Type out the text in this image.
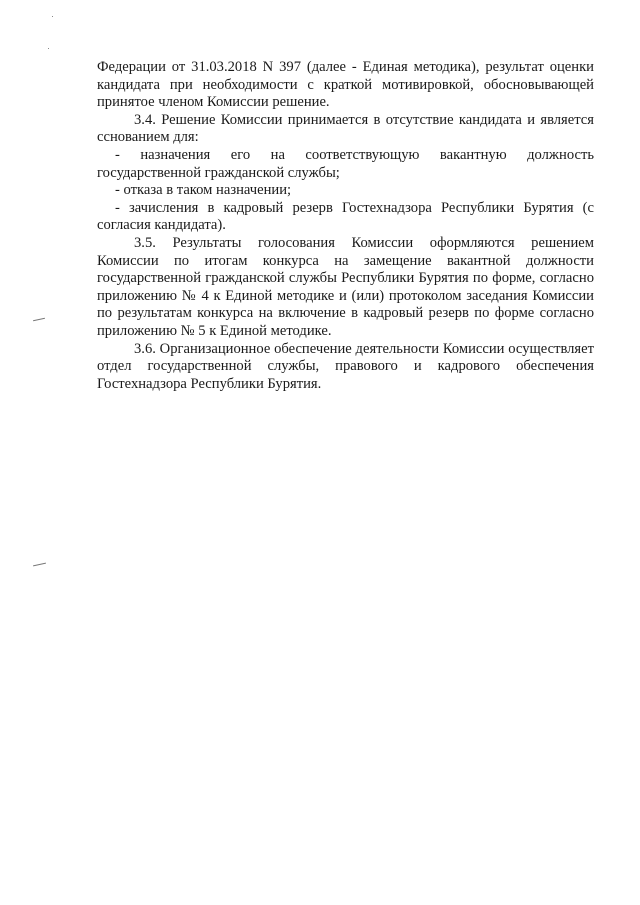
Федерации от 31.03.2018 N 397 (далее - Единая методика), результат оценки кандидата при необходимости с краткой мотивировкой, обосновывающей принятое членом Комиссии решение.

3.4. Решение Комиссии принимается в отсутствие кандидата и является сснованием для:

- назначения его на соответствующую вакантную должность государственной гражданской службы;

- отказа в таком назначении;

- зачисления в кадровый резерв Гостехнадзора Республики Бурятия (с согласия кандидата).

3.5. Результаты голосования Комиссии оформляются решением Комиссии по итогам конкурса на замещение вакантной должности государственной гражданской службы Республики Бурятия по форме, согласно приложению № 4 к Единой методике и (или) протоколом заседания Комиссии по результатам конкурса на включение в кадровый резерв по форме согласно приложению № 5 к Единой методике.

3.6. Организационное обеспечение деятельности Комиссии осуществляет отдел государственной службы, правового и кадрового обеспечения Гостехнадзора Республики Бурятия.
